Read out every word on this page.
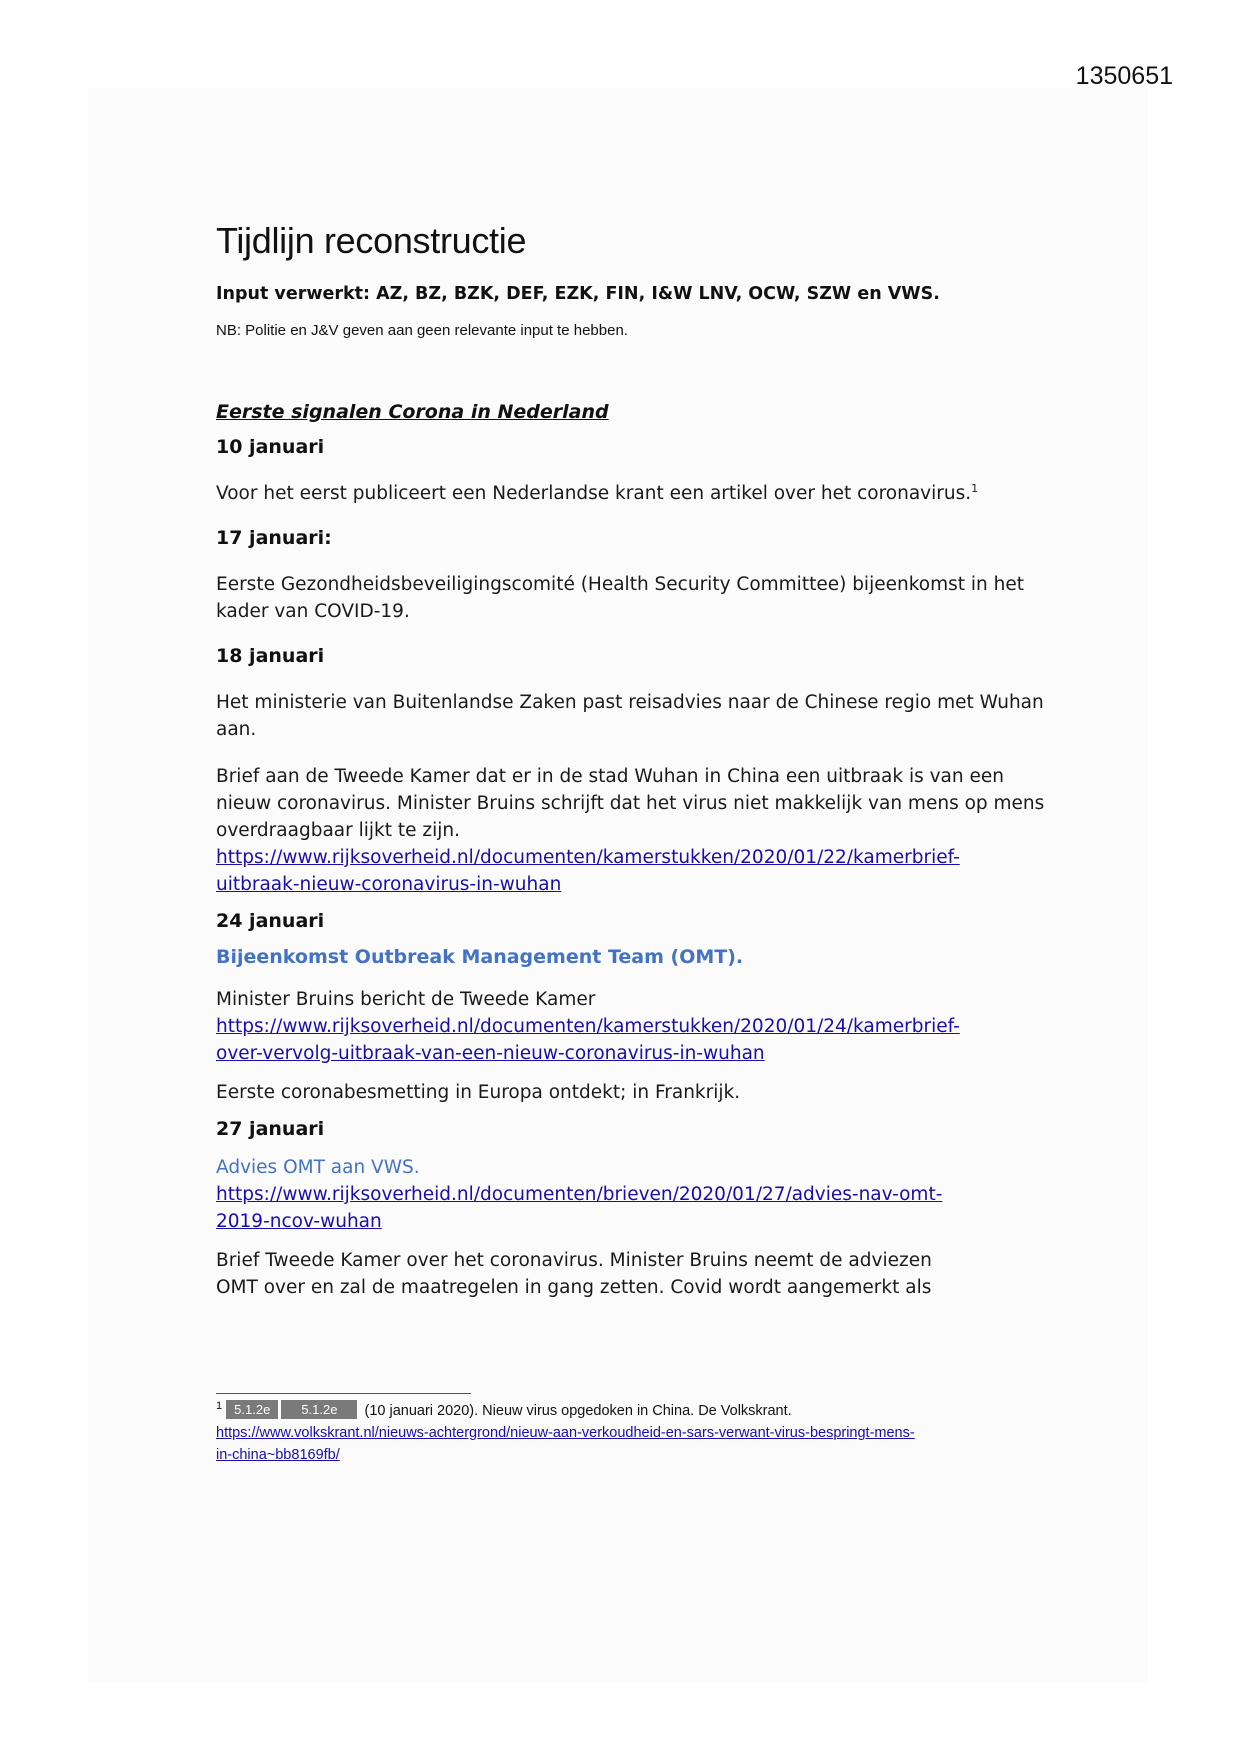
1350651
Tijdlijn reconstructie
Input verwerkt: AZ, BZ, BZK, DEF, EZK, FIN, I&W LNV, OCW, SZW en VWS.
NB: Politie en J&V geven aan geen relevante input te hebben.
Eerste signalen Corona in Nederland
10 januari
Voor het eerst publiceert een Nederlandse krant een artikel over het coronavirus.$^1$
17 januari:
Eerste Gezondheidsbeveiligingscomité (Health Security Committee) bijeenkomst in het kader van COVID-19.
18 januari
Het ministerie van Buitenlandse Zaken past reisadvies naar de Chinese regio met Wuhan aan.
Brief aan de Tweede Kamer dat er in de stad Wuhan in China een uitbraak is van een nieuw coronavirus. Minister Bruins schrijft dat het virus niet makkelijk van mens op mens overdraagbaar lijkt te zijn.
https://www.rijksoverheid.nl/documenten/kamerstukken/2020/01/22/kamerbrief-
uitbraak-nieuw-coronavirus-in-wuhan
24 januari
Bijeenkomst Outbreak Management Team (OMT).
Minister Bruins bericht de Tweede Kamer
https://www.rijksoverheid.nl/documenten/kamerstukken/2020/01/24/kamerbrief-
over-vervolg-uitbraak-van-een-nieuw-coronavirus-in-wuhan
Eerste coronabesmetting in Europa ontdekt; in Frankrijk.
27 januari
Advies OMT aan VWS.
https://www.rijksoverheid.nl/documenten/brieven/2020/01/27/advies-nav-omt-
2019-ncov-wuhan
Brief Tweede Kamer over het coronavirus. Minister Bruins neemt de adviezen
OMT over en zal de maatregelen in gang zetten. Covid wordt aangemerkt als
$^1$ 5.1.2e 5.1.2e (10 januari 2020). Nieuw virus opgedoken in China. De Volkskrant.
https://www.volkskrant.nl/nieuws-achtergrond/nieuw-aan-verkoudheid-en-sars-verwant-virus-bespringt-mens-
in-china~bb8169fb/
